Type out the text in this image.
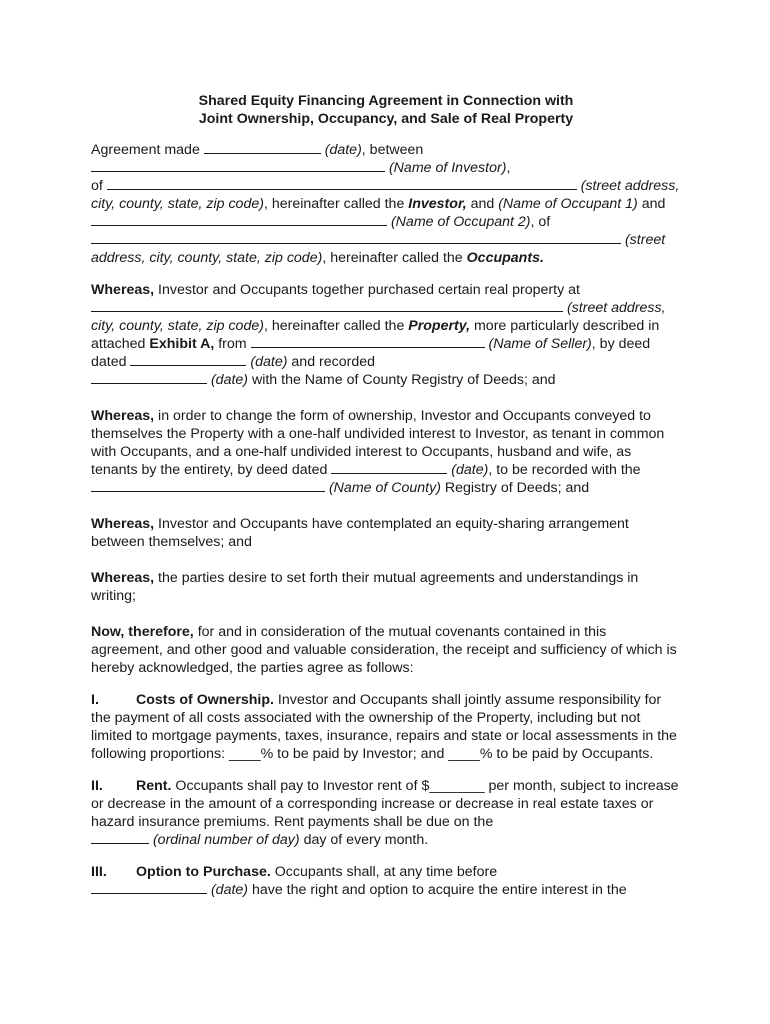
Shared Equity Financing Agreement in Connection with
Joint Ownership, Occupancy, and Sale of Real Property

Agreement made	(date), between
(Name of Investor),
of	(street address, city, county, state, zip code), hereinafter called the Investor, and (Name of Occupant 1) and  (Name of Occupant 2), of
(street address, city, county, state, zip code), hereinafter called the Occupants.

Whereas, Investor and Occupants together purchased certain real property at
(street address, city, county, state, zip code), hereinafter called the Property, more particularly described in attached Exhibit A, from	(Name of Seller), by deed dated	(date) and recorded
(date) with the Name of County Registry of Deeds; and

Whereas, in order to change the form of ownership, Investor and Occupants conveyed to themselves the Property with a one-half undivided interest to Investor, as tenant in common with Occupants, and a one-half undivided interest to Occupants, husband and wife, as tenants by the entirety, by deed dated	(date), to be recorded with the  (Name of County) Registry of Deeds; and

Whereas, Investor and Occupants have contemplated an equity-sharing arrangement between themselves; and

Whereas, the parties desire to set forth their mutual agreements and understandings in writing;

Now, therefore, for and in consideration of the mutual covenants contained in this agreement, and other good and valuable consideration, the receipt and sufficiency of which is hereby acknowledged, the parties agree as follows:

I.	Costs of Ownership. Investor and Occupants shall jointly assume responsibility for the payment of all costs associated with the ownership of the Property, including but not limited to mortgage payments, taxes, insurance, repairs and state or local assessments in the following proportions: ____% to be paid by Investor; and ____% to be paid by Occupants.

II. Rent. Occupants shall pay to Investor rent of $_______ per month, subject to increase or decrease in the amount of a corresponding increase or decrease in real estate taxes or hazard insurance premiums. Rent payments shall be due on the
(ordinal number of day) day of every month.

III. Option to Purchase. Occupants shall, at any time before
(date) have the right and option to acquire the entire interest in the
